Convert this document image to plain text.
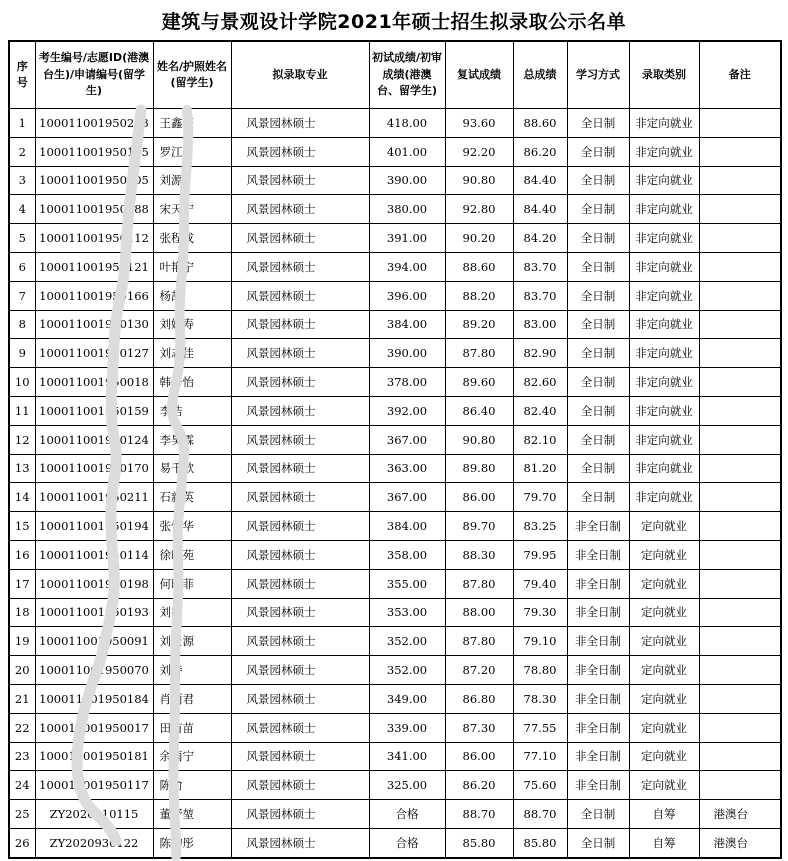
建筑与景观设计学院2021年硕士招生拟录取公示名单
序号	考生编号/志愿ID(港澳台生)/申请编号(留学生)	姓名/护照姓名(留学生)	拟录取专业	初试成绩/初审成绩(港澳台、留学生)	复试成绩	总成绩	学习方式	录取类别	备注
1	100011001950213	王鑫豪	风景园林硕士	418.00	93.60	88.60	全日制	非定向就业	
2	100011001950115	罗江	风景园林硕士	401.00	92.20	86.20	全日制	非定向就业	
3	100011001950005	刘源	风景园林硕士	390.00	90.80	84.40	全日制	非定向就业	
4	100011001950088	宋天宁	风景园林硕士	380.00	92.80	84.40	全日制	非定向就业	
5	100011001950112	张程成	风景园林硕士	391.00	90.20	84.20	全日制	非定向就业	
6	100011001950121	叶艳宁	风景园林硕士	394.00	88.60	83.70	全日制	非定向就业	
7	100011001950166	杨喆	风景园林硕士	396.00	88.20	83.70	全日制	非定向就业	
8	100011001950130	刘婉寿	风景园林硕士	384.00	89.20	83.00	全日制	非定向就业	
9	100011001950127	刘志佳	风景园林硕士	390.00	87.80	82.90	全日制	非定向就业	
10	100011001950018	韩静怡	风景园林硕士	378.00	89.60	82.60	全日制	非定向就业	
11	100011001950159	李浩	风景园林硕士	392.00	86.40	82.40	全日制	非定向就业	
12	100011001950124	李昊霖	风景园林硕士	367.00	90.80	82.10	全日制	非定向就业	
13	100011001950170	易千歆	风景园林硕士	363.00	89.80	81.20	全日制	非定向就业	
14	100011001950211	石新英	风景园林硕士	367.00	86.00	79.70	全日制	非定向就业	
15	100011001950194	张悦华	风景园林硕士	384.00	89.70	83.25	非全日制	定向就业	
16	100011001950114	徐昭苑	风景园林硕士	358.00	88.30	79.95	非全日制	定向就业	
17	100011001950198	何晓菲	风景园林硕士	355.00	87.80	79.40	非全日制	定向就业	
18	100011001950193	刘敏	风景园林硕士	353.00	88.00	79.30	非全日制	定向就业	
19	100011001950091	刘景源	风景园林硕士	352.00	87.80	79.10	非全日制	定向就业	
20	100011001950070	刘诗	风景园林硕士	352.00	87.20	78.80	非全日制	定向就业	
21	100011001950184	肖雨君	风景园林硕士	349.00	86.80	78.30	非全日制	定向就业	
22	100011001950017	田苗苗	风景园林硕士	339.00	87.30	77.55	非全日制	定向就业	
23	100011001950181	余雨宁	风景园林硕士	341.00	86.00	77.10	非全日制	定向就业	
24	100011001950117	陈俞	风景园林硕士	325.00	86.20	75.60	非全日制	定向就业	
25	ZY2020910115	董舒堃	风景园林硕士	合格	88.70	88.70	全日制	自筹	港澳台
26	ZY2020930122	陈均彤	风景园林硕士	合格	85.80	85.80	全日制	自筹	港澳台
